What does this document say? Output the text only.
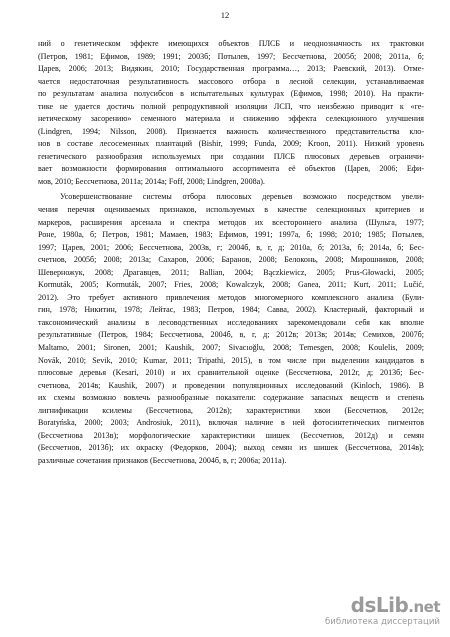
12
ний о генетическом эффекте имеющихся объектов ПЛСБ и неоднозначность их трактовки
(Петров, 1981; Ефимов, 1989; 1991; 2003б; Потылев, 1997; Бессчетнова, 2005б; 2008; 2011а, б;
Царев, 2006; 2013; Видякин, 2010; Государственная программа…, 2013; Раевский, 2013). Отме-
чается недостаточная результативность массового отбора в лесной селекции, устанавливаемая
по результатам анализа полусибсов в испытательных культурах (Ефимов, 1998; 2010). На практи-
тике не удается достичь полной репродуктивной изоляции ЛСП, что неизбежно приводит к «ге-
нетическому засорению» семенного материала и снижению эффекта селекционного улучшения
(Lindgren, 1994; Nilsson, 2008). Признается важность количественного представительства кло-
нов в составе лесосеменных плантаций (Bishir, 1999; Funda, 2009; Kroon, 2011). Низкий уровень
генетического разнообразия используемых при создании ПЛСБ плюсовых деревьев ограничи-
вает возможности формирования оптимального ассортимента её объектов (Царев, 2006; Ефи-
мов, 2010; Бессчетнова, 2011а; 2014а; Foff, 2008; Lindgren, 2008а).
Усовершенствование системы отбора плюсовых деревьев возможно посредством увели-
чения перечня оцениваемых признаков, используемых в качестве селекционных критериев и
маркеров, расширения арсенала и спектра методов их всестороннего анализа (Шульга, 1977;
Роне, 1980а, б; Петров, 1981; Мамаев, 1983; Ефимов, 1991; 1997а, б; 1998; 2010; 1985; Потылев,
1997; Царев, 2001; 2006; Бессчетнова, 2003в, г; 2004б, в, г, д; 2010а, б; 2013а, б; 2014а, б; Бес-
счетнов, 2005б; 2008; 2013а; Сахаров, 2006; Баранов, 2008; Белоконь, 2008; Мирошников, 2008;
Шеверножук, 2008; Драгавцев, 2011; Ballian, 2004; Bączkiewicz, 2005; Prus-Głowacki, 2005;
Kormuták, 2005; Kormuták, 2007; Fries, 2008; Kowalczyk, 2008; Ganea, 2011; Kurt, 2011; Lučić,
2012). Это требует активного привлечения методов многомерного комплексного анализа (Були-
гин, 1978; Никитин, 1978; Лейтас, 1983; Петров, 1984; Савва, 2002). Кластерный, факторный и
таксономический анализы в лесоводственных исследованиях зарекомендовали себя как вполне
результативные (Петров, 1984; Бессчетнова, 2004б, в, г, д; 2012в; 2013в; 2014в; Семихов, 2007б;
Maltamo, 2001; Sironen, 2001; Kaushik, 2007; Sivacıoğlu, 2008; Temesgen, 2008; Koulelis, 2009;
Novák, 2010; Sevik, 2010; Kumar, 2011; Tripathi, 2015), в том числе при выделении кандидатов в
плюсовые деревья (Kesari, 2010) и их сравнительной оценке (Бессчетнова, 2012г, д; 2013б; Бес-
счетнова, 2014в; Kaushik, 2007) и проведении популяционных исследований (Kinloch, 1986). В
их схемы возможно вовлечь разнообразные показатели: содержание запасных веществ и степень
лигнификации ксилемы (Бессчетнова, 2012в); характеристики хвои (Бессчетнов, 2012е;
Boratyńska, 2000; 2003; Androsiuk, 2011), включая наличие в ней фотосинтетических пигментов
(Бессчетнова 2013в); морфологические характеристики шишек (Бессчетнов, 2012д) и семян
(Бессчетнов, 2013б); их окраску (Федорков, 2004); выход семян из шишек (Бессчетнова, 2014в);
различные сочетания признаков (Бессчетнова, 2004б, в, г; 2006а; 2011а).
dsLib.net
библиотека диссертаций
